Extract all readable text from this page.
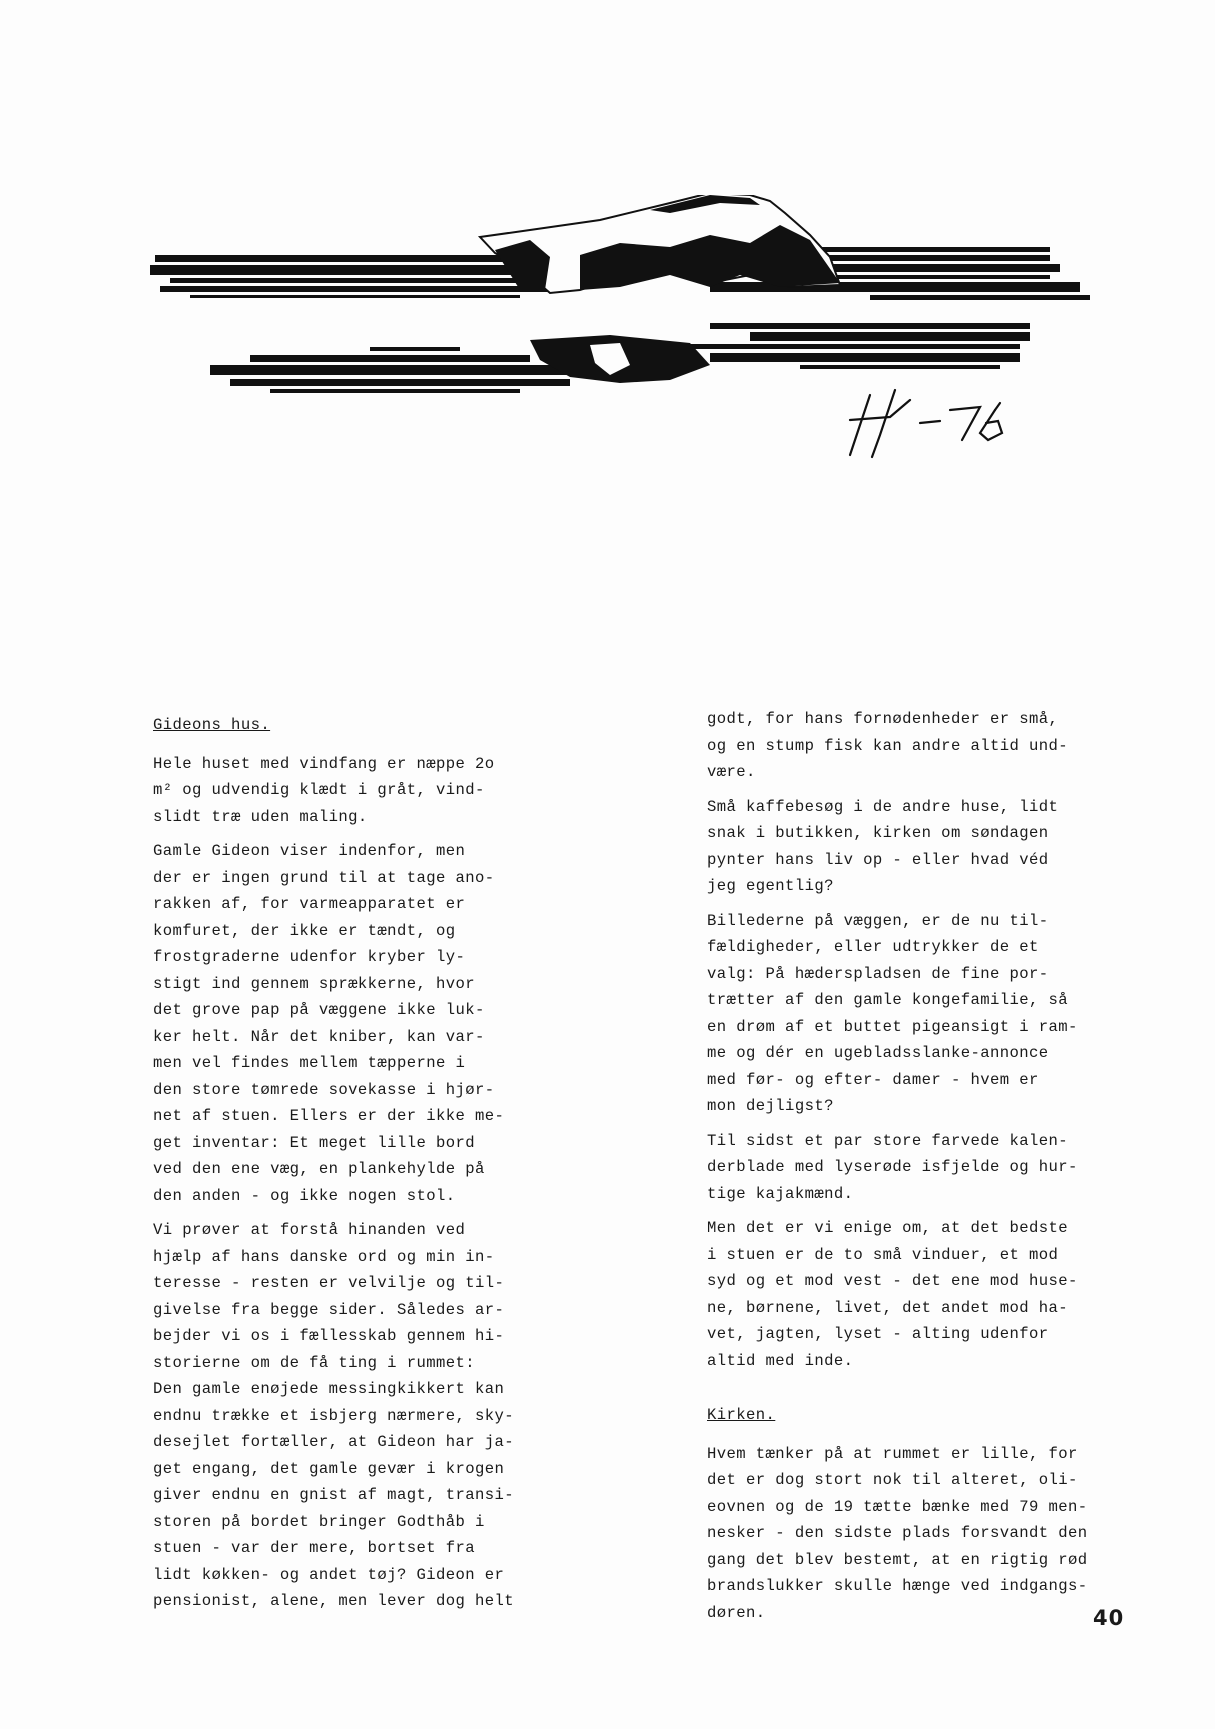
Gideons hus.

Hele huset med vindfang er næppe 2o
m² og udvendig klædt i gråt, vind-
slidt træ uden maling.

Gamle Gideon viser indenfor, men
der er ingen grund til at tage ano-
rakken af, for varmeapparatet er
komfuret, der ikke er tændt, og
frostgraderne udenfor kryber ly-
stigt ind gennem sprækkerne, hvor
det grove pap på væggene ikke luk-
ker helt. Når det kniber, kan var-
men vel findes mellem tæpperne i
den store tømrede sovekasse i hjør-
net af stuen. Ellers er der ikke me-
get inventar: Et meget lille bord
ved den ene væg, en plankehylde på
den anden - og ikke nogen stol.

Vi prøver at forstå hinanden ved
hjælp af hans danske ord og min in-
teresse - resten er velvilje og til-
givelse fra begge sider. Således ar-
bejder vi os i fællesskab gennem hi-
storierne om de få ting i rummet:
Den gamle enøjede messingkikkert kan
endnu trække et isbjerg nærmere, sky-
desejlet fortæller, at Gideon har ja-
get engang, det gamle gevær i krogen
giver endnu en gnist af magt, transi-
storen på bordet bringer Godthåb i
stuen - var der mere, bortset fra
lidt køkken- og andet tøj? Gideon er
pensionist, alene, men lever dog helt

godt, for hans fornødenheder er små,
og en stump fisk kan andre altid und-
være.

Små kaffebesøg i de andre huse, lidt
snak i butikken, kirken om søndagen
pynter hans liv op - eller hvad véd
jeg egentlig?

Billederne på væggen, er de nu til-
fældigheder, eller udtrykker de et
valg: På hæderspladsen de fine por-
trætter af den gamle kongefamilie, så
en drøm af et buttet pigeansigt i ram-
me og dér en ugebladsslanke-annonce
med før- og efter- damer - hvem er
mon dejligst?

Til sidst et par store farvede kalen-
derblade med lyserøde isfjelde og hur-
tige kajakmænd.

Men det er vi enige om, at det bedste
i stuen er de to små vinduer, et mod
syd og et mod vest - det ene mod huse-
ne, børnene, livet, det andet mod ha-
vet, jagten, lyset - alting udenfor
altid med inde.

Kirken.

Hvem tænker på at rummet er lille, for
det er dog stort nok til alteret, oli-
eovnen og de 19 tætte bænke med 79 men-
nesker - den sidste plads forsvandt den
gang det blev bestemt, at en rigtig rød
brandslukker skulle hænge ved indgangs-
døren.	40
